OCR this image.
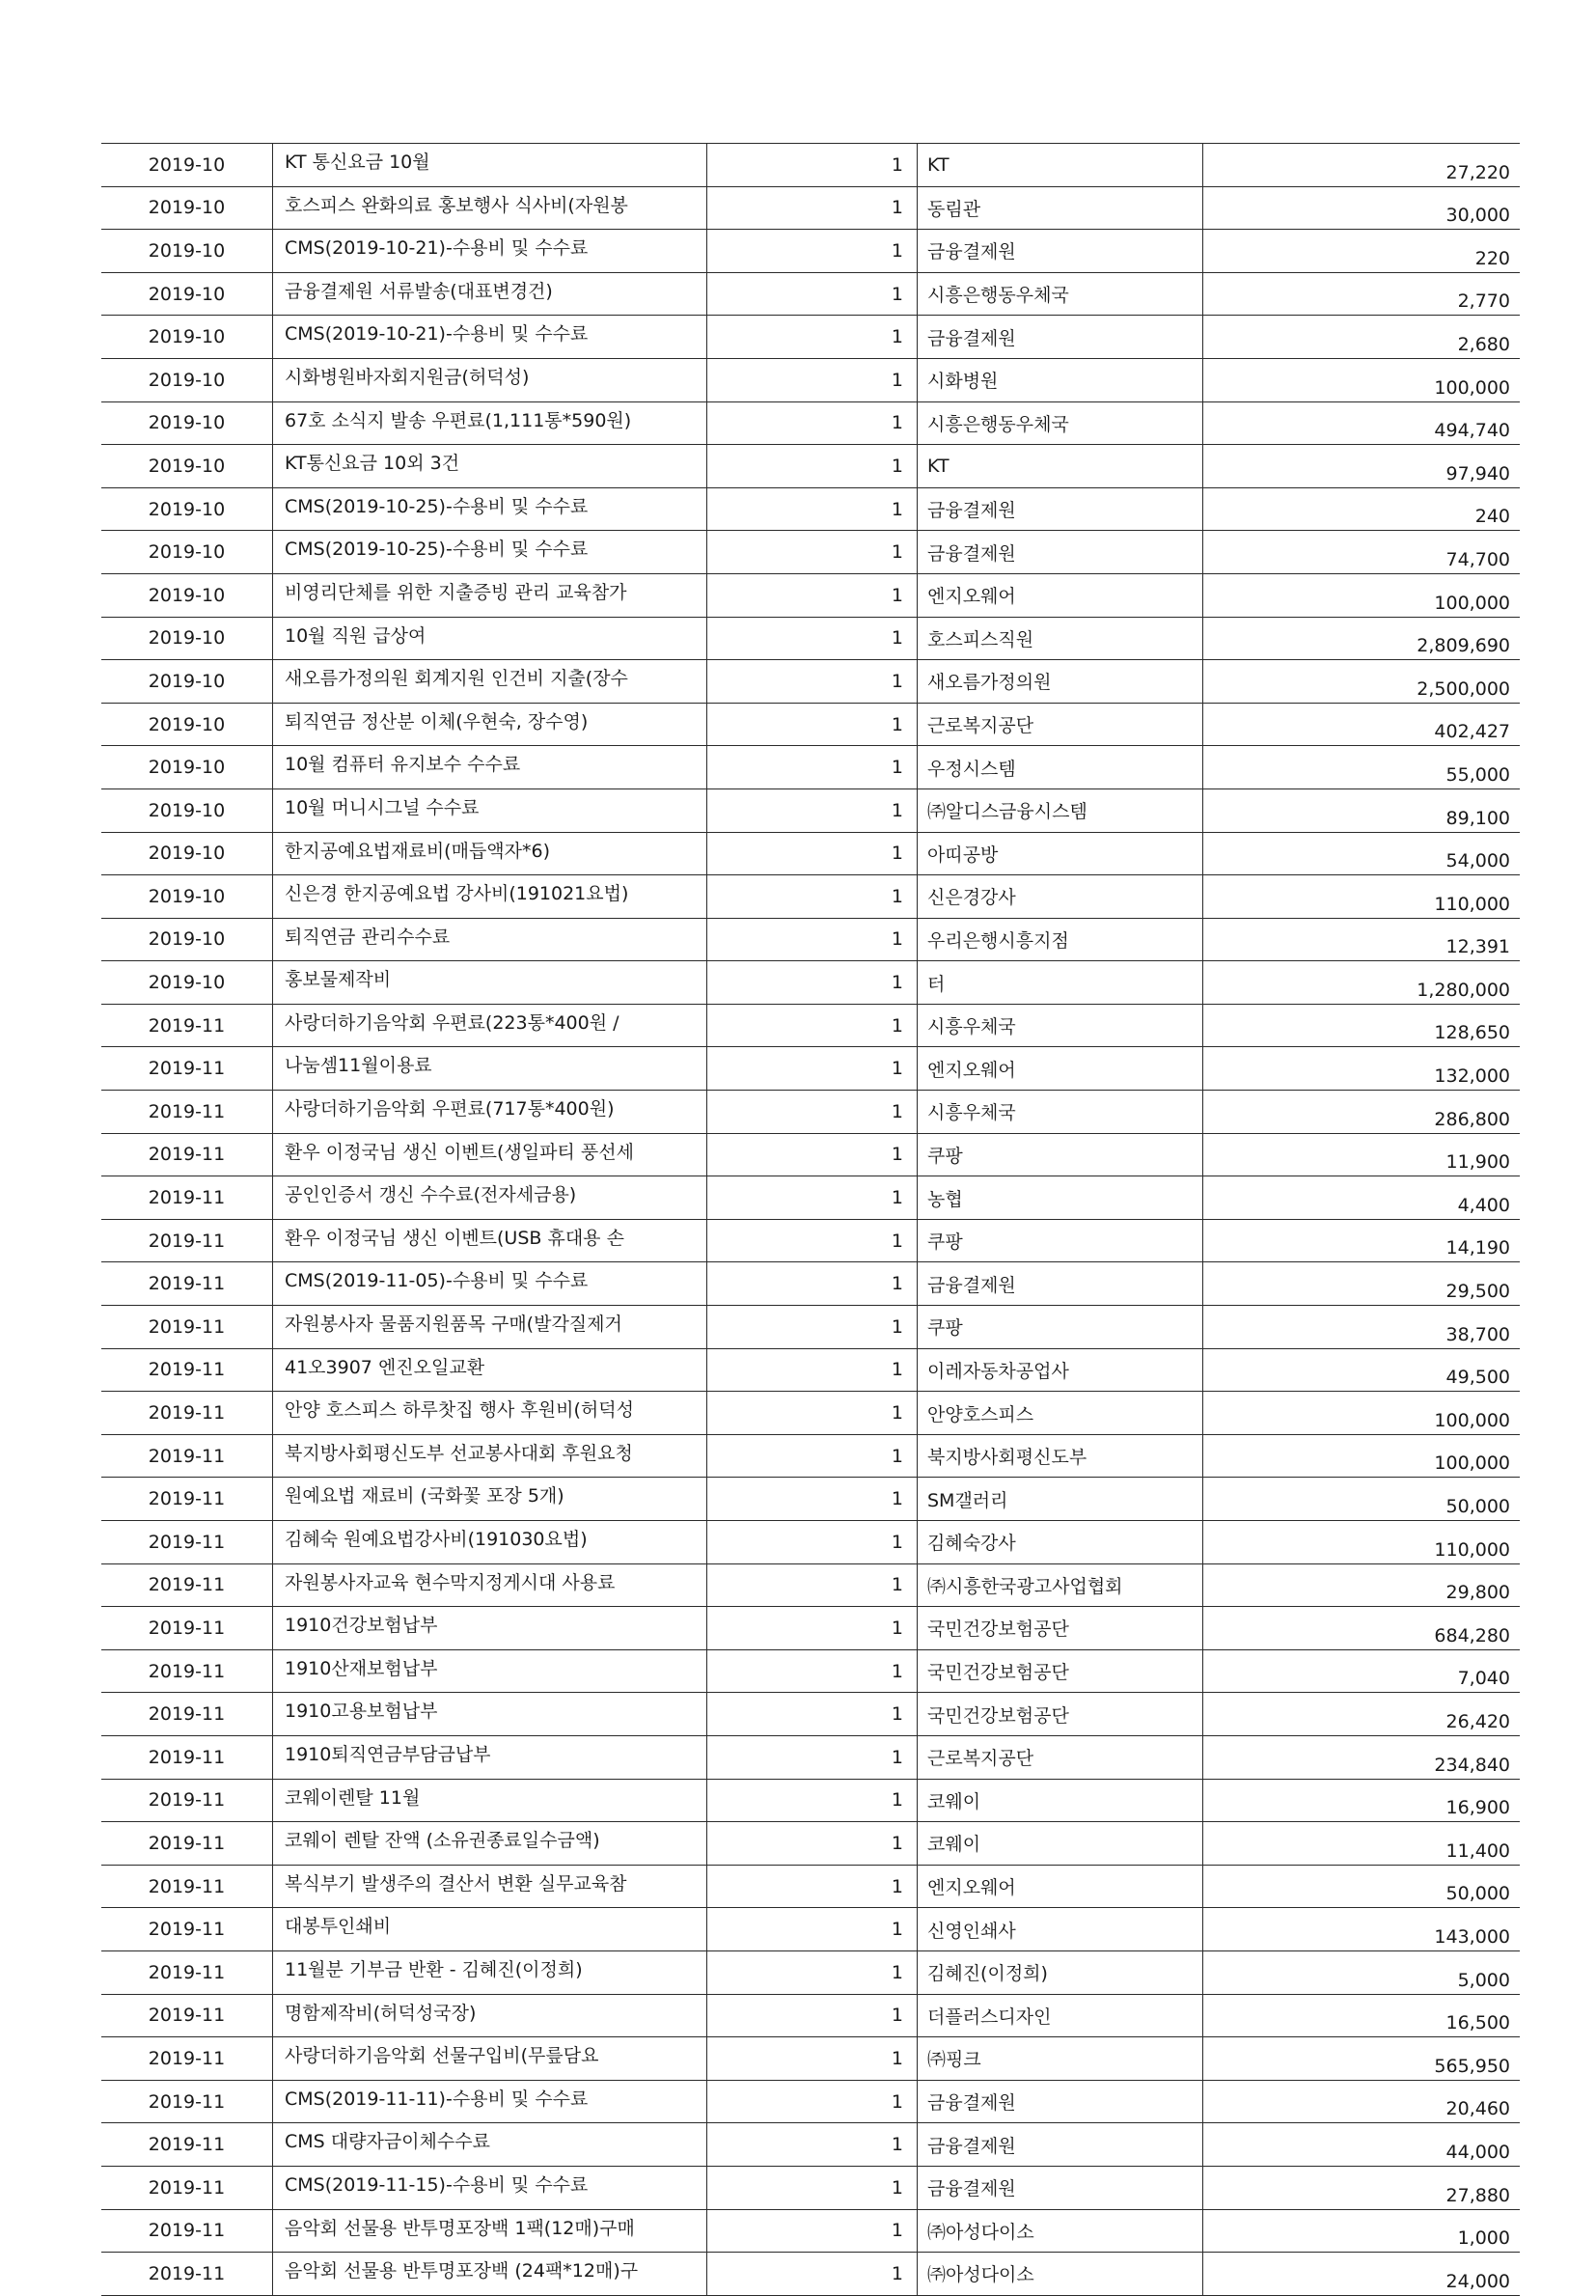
2019-10	KT 통신요금 10월	1	KT	27,220
2019-10	호스피스 완화의료 홍보행사 식사비(자원봉	1	동림관	30,000
2019-10	CMS(2019-10-21)-수용비 및 수수료	1	금융결제원	220
2019-10	금융결제원 서류발송(대표변경건)	1	시흥은행동우체국	2,770
2019-10	CMS(2019-10-21)-수용비 및 수수료	1	금융결제원	2,680
2019-10	시화병원바자회지원금(허덕성)	1	시화병원	100,000
2019-10	67호 소식지 발송 우편료(1,111통*590원)	1	시흥은행동우체국	494,740
2019-10	KT통신요금 10외 3건	1	KT	97,940
2019-10	CMS(2019-10-25)-수용비 및 수수료	1	금융결제원	240
2019-10	CMS(2019-10-25)-수용비 및 수수료	1	금융결제원	74,700
2019-10	비영리단체를 위한 지출증빙 관리 교육참가	1	엔지오웨어	100,000
2019-10	10월 직원 급상여	1	호스피스직원	2,809,690
2019-10	새오름가정의원 회계지원 인건비 지출(장수	1	새오름가정의원	2,500,000
2019-10	퇴직연금 정산분 이체(우현숙, 장수영)	1	근로복지공단	402,427
2019-10	10월 컴퓨터 유지보수 수수료	1	우정시스템	55,000
2019-10	10월 머니시그널 수수료	1	㈜알디스금융시스템	89,100
2019-10	한지공예요법재료비(매듭액자*6)	1	아띠공방	54,000
2019-10	신은경 한지공예요법 강사비(191021요법)	1	신은경강사	110,000
2019-10	퇴직연금 관리수수료	1	우리은행시흥지점	12,391
2019-10	홍보물제작비	1	터	1,280,000
2019-11	사랑더하기음악회 우편료(223통*400원 /	1	시흥우체국	128,650
2019-11	나눔셈11월이용료	1	엔지오웨어	132,000
2019-11	사랑더하기음악회 우편료(717통*400원)	1	시흥우체국	286,800
2019-11	환우 이정국님 생신 이벤트(생일파티 풍선세	1	쿠팡	11,900
2019-11	공인인증서 갱신 수수료(전자세금용)	1	농협	4,400
2019-11	환우 이정국님 생신 이벤트(USB 휴대용 손	1	쿠팡	14,190
2019-11	CMS(2019-11-05)-수용비 및 수수료	1	금융결제원	29,500
2019-11	자원봉사자 물품지원품목 구매(발각질제거	1	쿠팡	38,700
2019-11	41오3907 엔진오일교환	1	이레자동차공업사	49,500
2019-11	안양 호스피스 하루찻집 행사 후원비(허덕성	1	안양호스피스	100,000
2019-11	북지방사회평신도부 선교봉사대회 후원요청	1	북지방사회평신도부	100,000
2019-11	원예요법 재료비 (국화꽃 포장 5개)	1	SM갤러리	50,000
2019-11	김혜숙 원예요법강사비(191030요법)	1	김혜숙강사	110,000
2019-11	자원봉사자교육 현수막지정게시대 사용료	1	㈜시흥한국광고사업협회	29,800
2019-11	1910건강보험납부	1	국민건강보험공단	684,280
2019-11	1910산재보험납부	1	국민건강보험공단	7,040
2019-11	1910고용보험납부	1	국민건강보험공단	26,420
2019-11	1910퇴직연금부담금납부	1	근로복지공단	234,840
2019-11	코웨이렌탈 11월	1	코웨이	16,900
2019-11	코웨이 렌탈 잔액 (소유권종료일수금액)	1	코웨이	11,400
2019-11	복식부기 발생주의 결산서 변환 실무교육참	1	엔지오웨어	50,000
2019-11	대봉투인쇄비	1	신영인쇄사	143,000
2019-11	11월분 기부금 반환 - 김혜진(이정희)	1	김혜진(이정희)	5,000
2019-11	명함제작비(허덕성국장)	1	더플러스디자인	16,500
2019-11	사랑더하기음악회 선물구입비(무릎담요	1	㈜핑크	565,950
2019-11	CMS(2019-11-11)-수용비 및 수수료	1	금융결제원	20,460
2019-11	CMS 대량자금이체수수료	1	금융결제원	44,000
2019-11	CMS(2019-11-15)-수용비 및 수수료	1	금융결제원	27,880
2019-11	음악회 선물용 반투명포장백 1팩(12매)구매	1	㈜아성다이소	1,000
2019-11	음악회 선물용 반투명포장백 (24팩*12매)구	1	㈜아성다이소	24,000
